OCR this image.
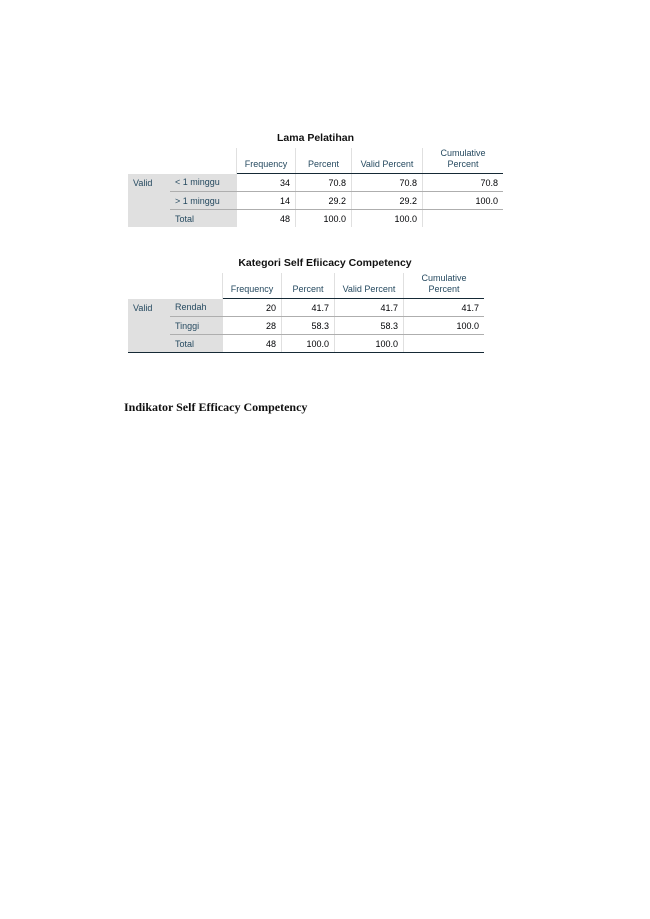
Lama Pelatihan
		Frequency	Percent	Valid Percent	Cumulative Percent
Valid	< 1 minggu	34	70.8	70.8	70.8
	> 1 minggu	14	29.2	29.2	100.0
	Total	48	100.0	100.0	
Kategori Self Efiicacy Competency
		Frequency	Percent	Valid Percent	Cumulative Percent
Valid	Rendah	20	41.7	41.7	41.7
	Tinggi	28	58.3	58.3	100.0
	Total	48	100.0	100.0	
Indikator Self Efficacy Competency
